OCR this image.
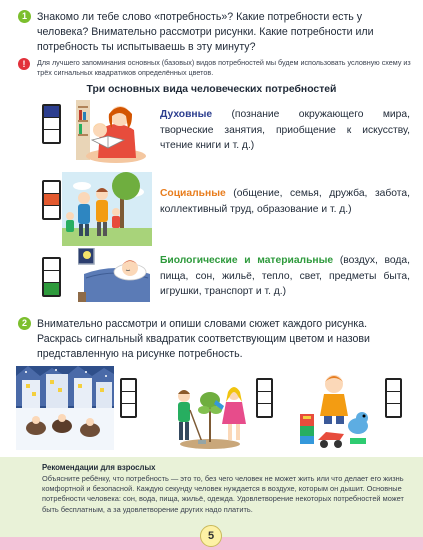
1 Знакомо ли тебе слово «потребность»? Какие потребности есть у человека? Внимательно рассмотри рисунки. Какие потребности или потребность ты испытываешь в эту минуту?
!	Для лучшего запоминания основных (базовых) видов потребностей мы будем использовать условную схему из трёх сигнальных квадратиков определённых цветов.
Три основных вида человеческих потребностей
Духовные (познание окружающего мира, творческие занятия, приобщение к искусству, чтение книги и т. д.)
Социальные (общение, семья, дружба, забота, коллективный труд, образование и т. д.)
Биологические и материальные (воздух, вода, пища, сон, жильё, тепло, свет, предметы быта, игрушки, транспорт и т. д.)
2 Внимательно рассмотри и опиши словами сюжет каждого рисунка. Раскрась сигнальный квадратик соответствующим цветом и назови представленную на рисунке потребность.
Рекомендации для взрослых
Объясните ребёнку, что потребность — это то, без чего человек не может жить или что делает его жизнь комфортной и безопасной. Каждую секунду человек нуждается в воздухе, которым он дышит. Основные потребности человека: сон, вода, пища, жильё, одежда. Удовлетворение некоторых потребностей может быть бесплатным, а за удовлетворение других надо платить.
5
